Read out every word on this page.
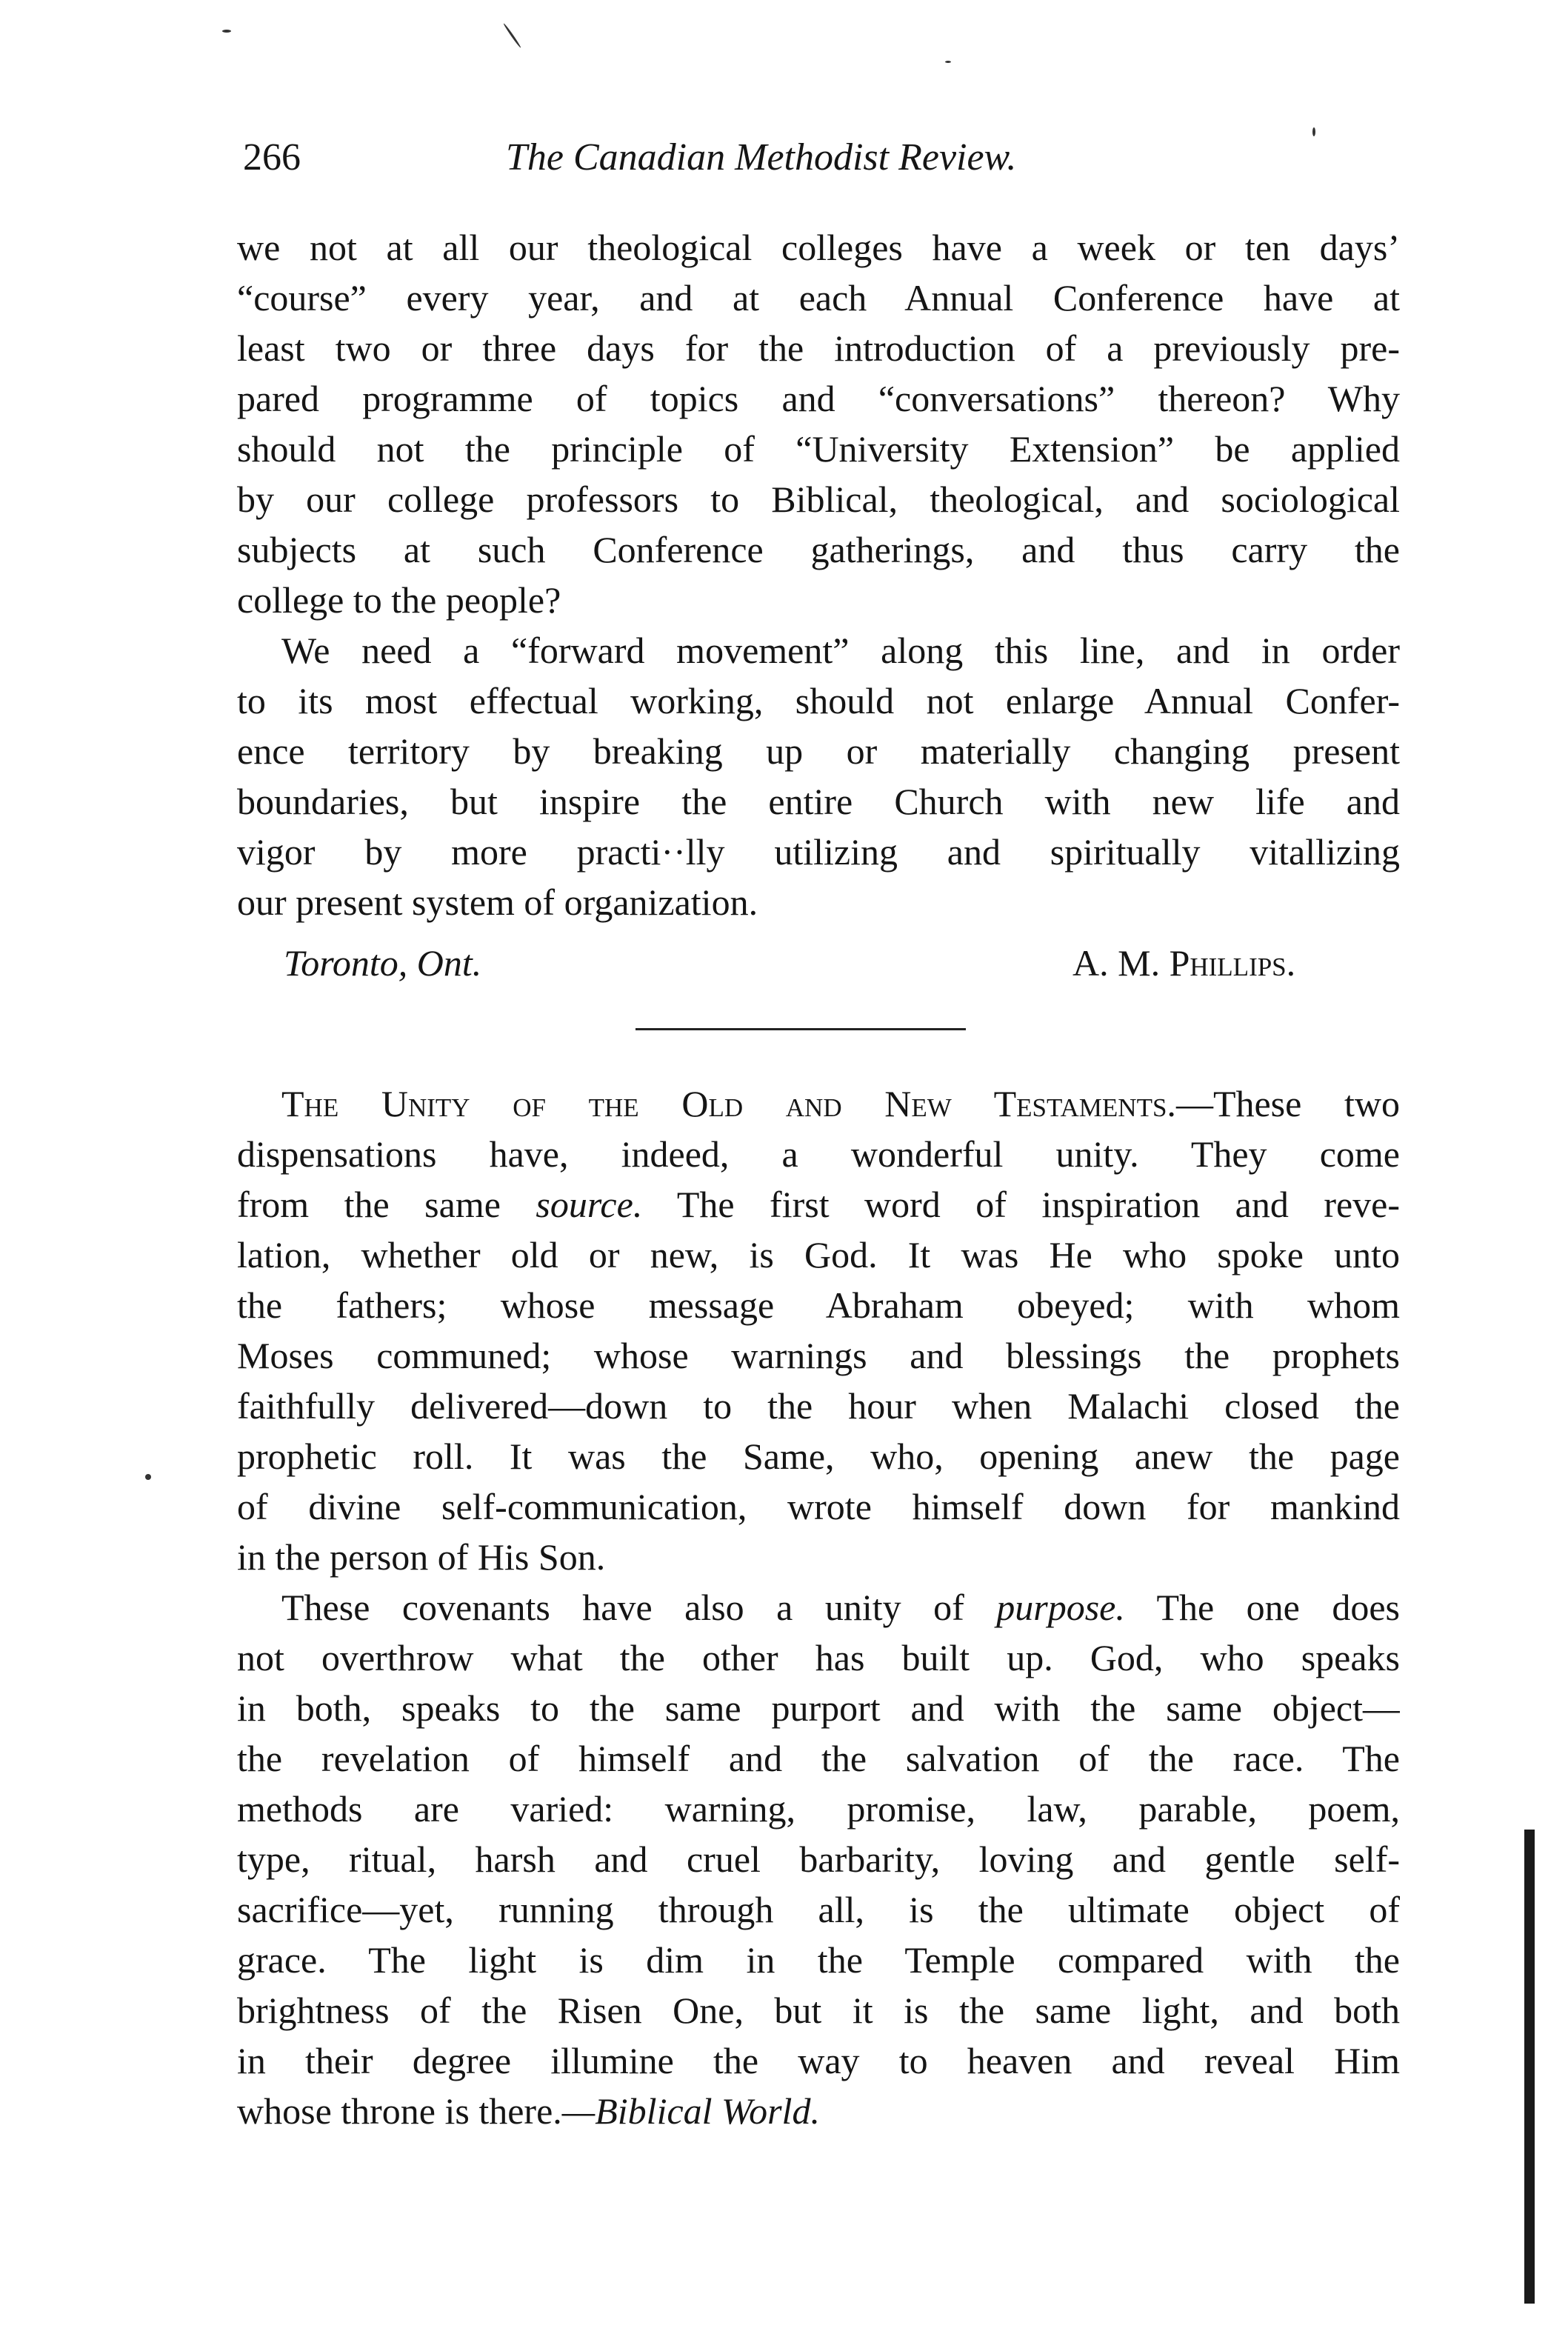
266	The Canadian Methodist Review.
we not at all our theological colleges have a week or ten days’
“course” every year, and at each Annual Conference have at
least two or three days for the introduction of a previously pre-
pared programme of topics and “conversations” thereon? Why
should not the principle of “University Extension” be applied
by our college professors to Biblical, theological, and sociological
subjects at such Conference gatherings, and thus carry the
college to the people?
We need a “forward movement” along this line, and in order
to its most effectual working, should not enlarge Annual Confer-
ence territory by breaking up or materially changing present
boundaries, but inspire the entire Church with new life and
vigor by more practi··lly utilizing and spiritually vitallizing
our present system of organization.
Toronto, Ont.	A. M. Phillips.
The Unity of the Old and New Testaments.—These two
dispensations have, indeed, a wonderful unity. They come
from the same source. The first word of inspiration and reve-
lation, whether old or new, is God. It was He who spoke unto
the fathers; whose message Abraham obeyed; with whom
Moses communed; whose warnings and blessings the prophets
faithfully delivered—down to the hour when Malachi closed the
prophetic roll. It was the Same, who, opening anew the page
of divine self-communication, wrote himself down for mankind
in the person of His Son.
These covenants have also a unity of purpose. The one does
not overthrow what the other has built up. God, who speaks
in both, speaks to the same purport and with the same object—
the revelation of himself and the salvation of the race. The
methods are varied: warning, promise, law, parable, poem,
type, ritual, harsh and cruel barbarity, loving and gentle self-
sacrifice—yet, running through all, is the ultimate object of
grace. The light is dim in the Temple compared with the
brightness of the Risen One, but it is the same light, and both
in their degree illumine the way to heaven and reveal Him
whose throne is there.—Biblical World.
